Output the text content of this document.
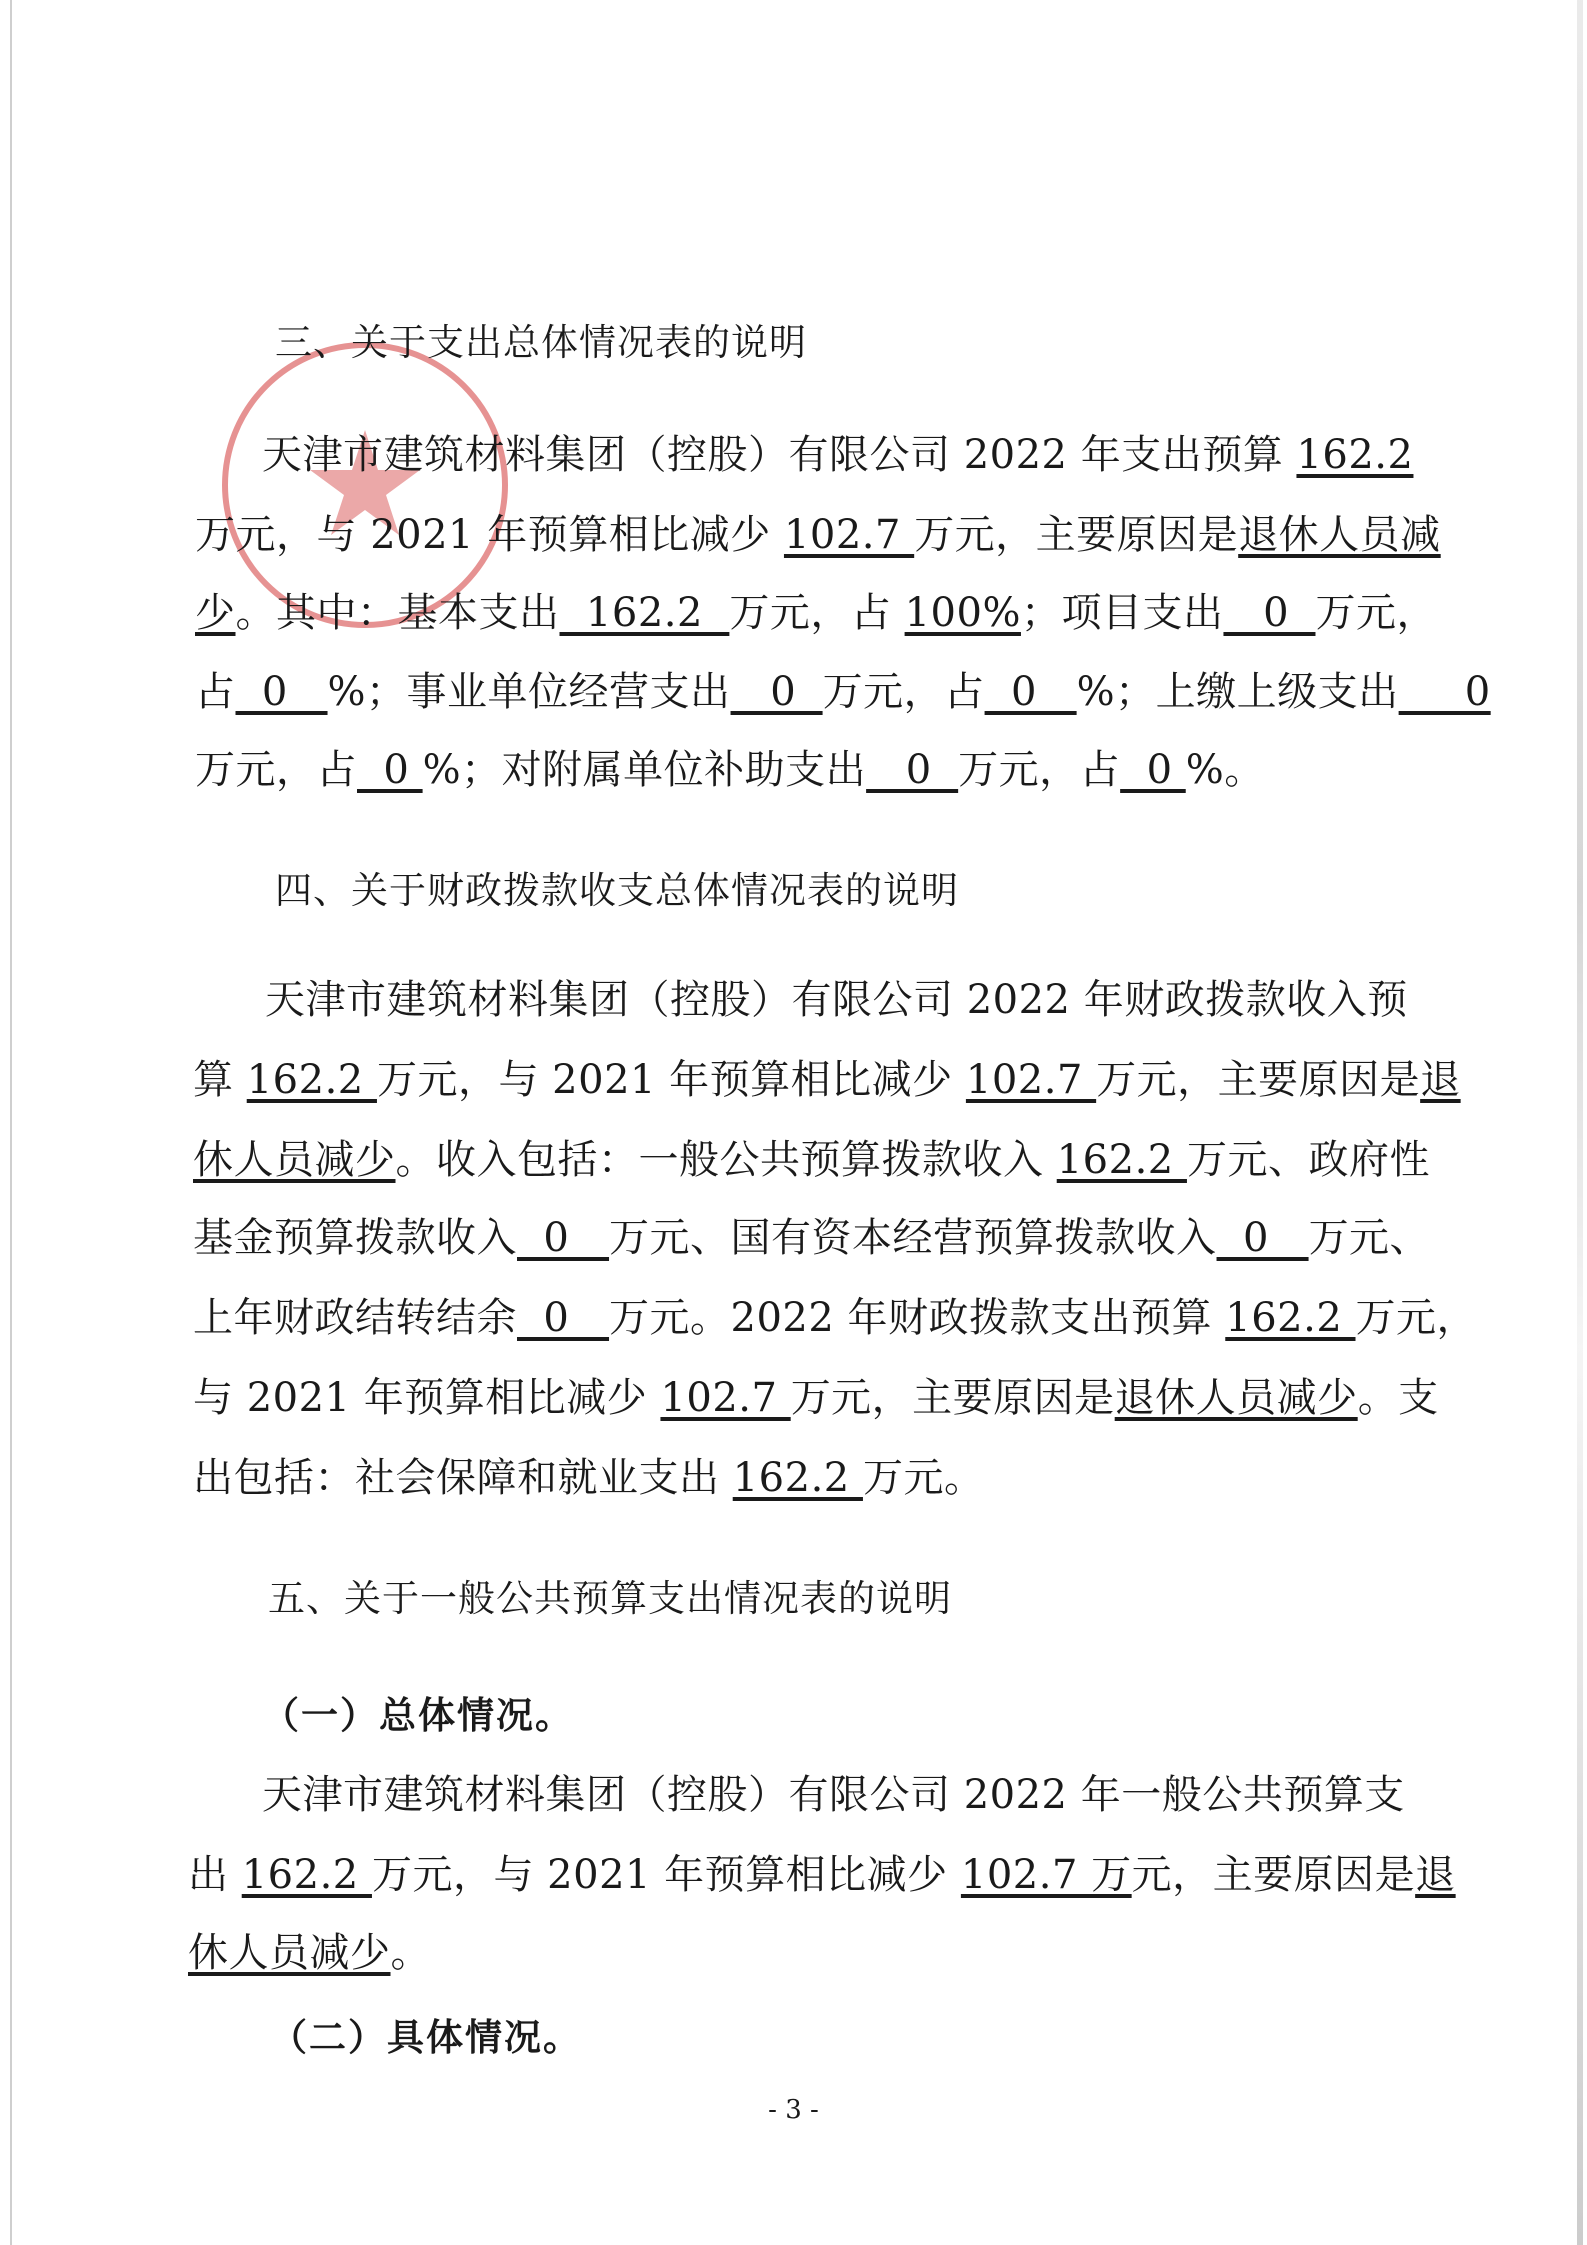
三、关于支出总体情况表的说明
天津市建筑材料集团（控股）有限公司 2022 年支出预算 162.2
万元，与 2021 年预算相比减少 102.7 万元，主要原因是退休人员减
少。其中：基本支出  162.2  万元，占 100%；项目支出   0  万元，
占  0   %；事业单位经营支出   0  万元，占  0   %；上缴上级支出     0
万元，占  0 %；对附属单位补助支出   0  万元，占  0 %。
四、关于财政拨款收支总体情况表的说明
天津市建筑材料集团（控股）有限公司 2022 年财政拨款收入预
算 162.2 万元，与 2021 年预算相比减少 102.7 万元，主要原因是退
休人员减少。收入包括：一般公共预算拨款收入 162.2 万元、政府性
基金预算拨款收入  0   万元、国有资本经营预算拨款收入  0   万元、
上年财政结转结余  0   万元。2022 年财政拨款支出预算 162.2 万元，
与 2021 年预算相比减少 102.7 万元，主要原因是退休人员减少。支
出包括：社会保障和就业支出 162.2 万元。
五、关于一般公共预算支出情况表的说明
（一）总体情况。
天津市建筑材料集团（控股）有限公司 2022 年一般公共预算支
出 162.2 万元，与 2021 年预算相比减少 102.7 万元，主要原因是退
休人员减少。
（二）具体情况。
- 3 -
